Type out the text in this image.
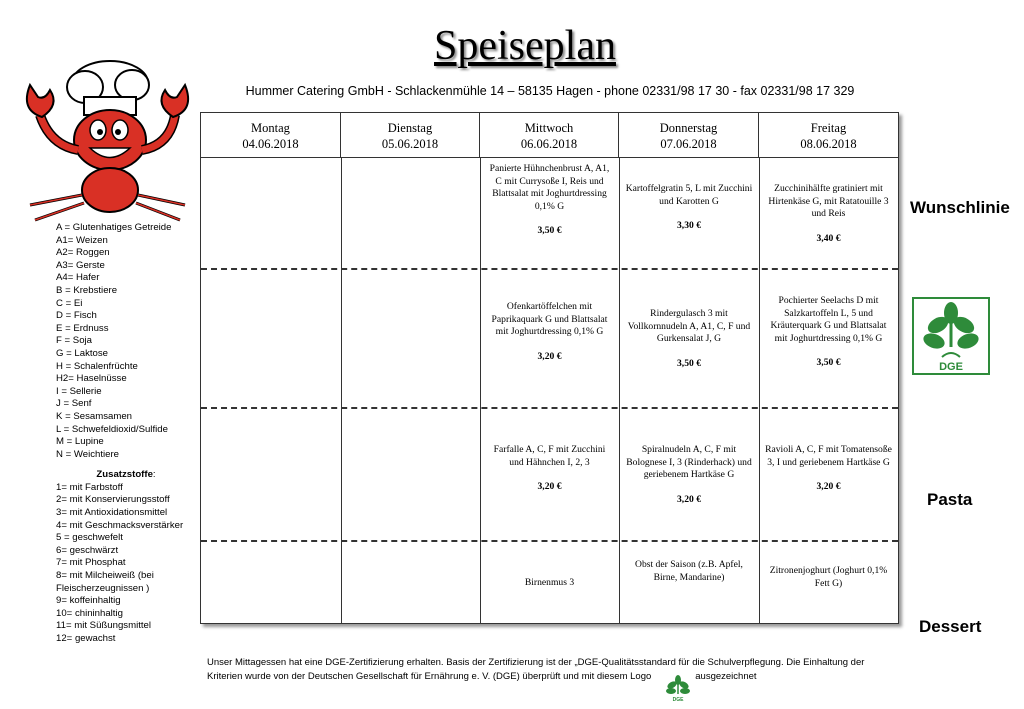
Speiseplan
Hummer Catering GmbH - Schlackenmühle 14 – 58135 Hagen - phone 02331/98 17 30 - fax 02331/98 17 329
A = Glutenhatiges Getreide
A1= Weizen
A2= Roggen
A3= Gerste
A4= Hafer
B = Krebstiere
C = Ei
D = Fisch
E = Erdnuss
F = Soja
G = Laktose
H = Schalenfrüchte
H2= Haselnüsse
I = Sellerie
J = Senf
K = Sesamsamen
L = Schwefeldioxid/Sulfide
M = Lupine
N = Weichtiere
Zusatzstoffe:
1= mit Farbstoff
2= mit Konservierungsstoff
3= mit Antioxidationsmittel
4= mit Geschmacksverstärker
5 = geschwefelt
6= geschwärzt
7= mit Phosphat
8= mit Milcheiweiß (bei Fleischerzeugnissen )
9= koffeinhaltig
10= chininhaltig
11= mit Süßungsmittel
12= gewachst
Montag
04.06.2018
Dienstag
05.06.2018
Mittwoch
06.06.2018
Donnerstag
07.06.2018
Freitag
08.06.2018
Panierte Hühnchenbrust A, A1, C mit Currysoße I, Reis und Blattsalat mit Joghurtdressing 0,1% G
3,50 €
Kartoffelgratin 5, L mit Zucchini und Karotten G
3,30 €
Zucchinihälfte gratiniert mit Hirtenkäse G, mit Ratatouille 3 und Reis
3,40 €
Ofenkartöffelchen mit Paprikaquark G und Blattsalat mit Joghurtdressing 0,1% G
3,20 €
Rindergulasch 3 mit Vollkornnudeln A, A1, C, F und Gurkensalat J, G
3,50 €
Pochierter Seelachs D mit Salzkartoffeln L, 5 und Kräuterquark G und Blattsalat mit Joghurtdressing 0,1% G
3,50 €
Farfalle A, C, F mit Zucchini und Hähnchen I, 2, 3
3,20 €
Spiralnudeln A, C, F mit Bolognese I, 3 (Rinderhack) und geriebenem Hartkäse G
3,20 €
Ravioli A, C, F mit Tomatensoße 3, I und geriebenem Hartkäse G
3,20 €
Birnenmus 3
Obst der Saison (z.B. Apfel, Birne, Mandarine)
Zitronenjoghurt (Joghurt 0,1% Fett G)
Wunschlinie
Pasta
Dessert
DGE
Unser Mittagessen hat eine DGE-Zertifizierung erhalten. Basis der Zertifizierung ist der „DGE-Qualitätsstandard für die Schulverpflegung. Die Einhaltung der
Kriterien wurde von der Deutschen Gesellschaft für Ernährung e. V. (DGE) überprüft und mit diesem Logo	ausgezeichnet
DGE
